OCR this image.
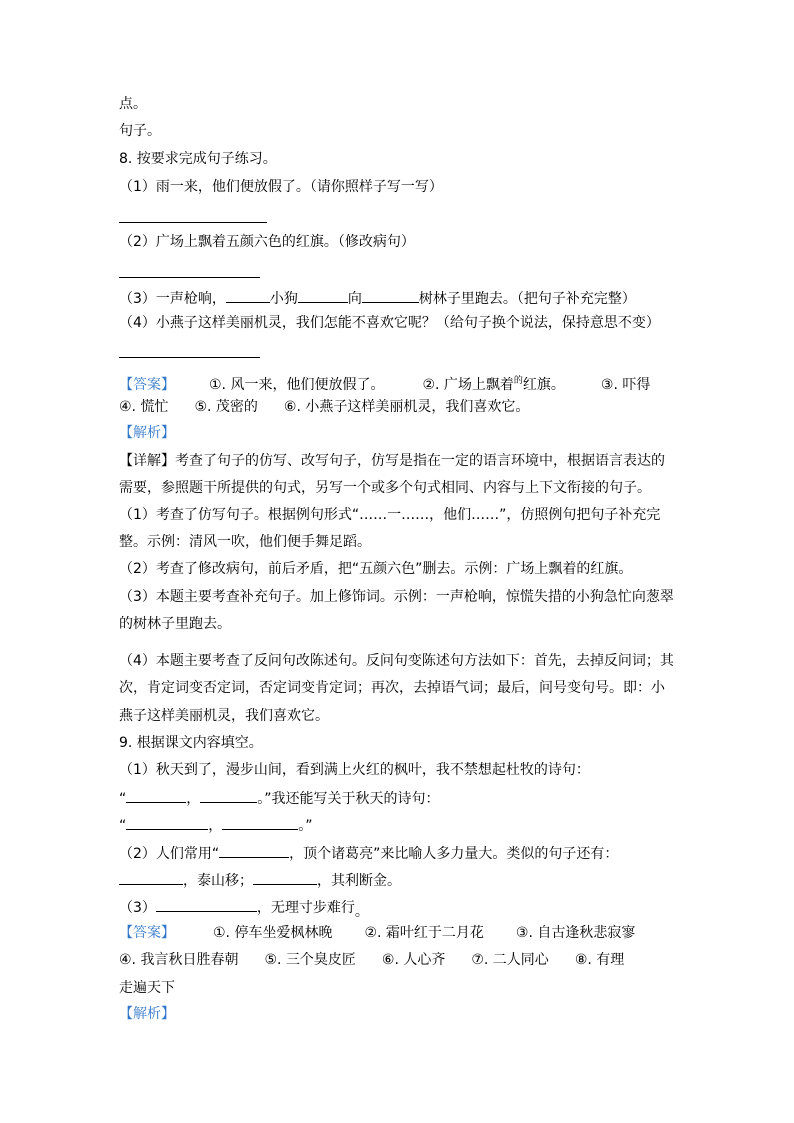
点。
句子。
8. 按要求完成句子练习。
（1）雨一来，他们便放假了。（请你照样子写一写）
（2）广场上飘着五颜六色的红旗。（修改病句）
（3）一声枪响，	小狗	向	树林子里跑去。（把句子补充完整）
（4）小燕子这样美丽机灵，我们怎能不喜欢它呢？（给句子换个说法，保持意思不变）
【答案】 ①. 风一来，他们便放假了。	②. 广场上飘着$^的$红旗。	③. 吓得
④. 慌忙 ⑤. 茂密的 ⑥. 小燕子这样美丽机灵，我们喜欢它。
【解析】
【详解】考查了句子的仿写、改写句子，仿写是指在一定的语言环境中，根据语言表达的
需要，参照题干所提供的句式，另写一个或多个句式相同、内容与上下文衔接的句子。
（1）考查了仿写句子。根据例句形式“……一……，他们……”，仿照例句把句子补充完
整。示例：清风一吹，他们便手舞足蹈。
（2）考查了修改病句，前后矛盾，把“五颜六色”删去。示例：广场上飘着的红旗。
（3）本题主要考查补充句子。加上修饰词。示例：一声枪响，惊慌失措的小狗急忙向葱翠
的树林子里跑去。
（4）本题主要考查了反问句改陈述句。反问句变陈述句方法如下：首先，去掉反问词；其
次，肯定词变否定词，否定词变肯定词；再次，去掉语气词；最后，问号变句号。即：小
燕子这样美丽机灵，我们喜欢它。
9. 根据课文内容填空。
（1）秋天到了，漫步山间，看到满上火红的枫叶，我不禁想起杜牧的诗句：
“	，	。”我还能写关于秋天的诗句：
“	，	。”
（2）人们常用“	，顶个诸葛亮”来比喻人多力量大。类似的句子还有：
，泰山移；	，其利断金。
（3）	，无理寸步难行。
【答案】	①. 停车坐爱枫林晚 ②. 霜叶红于二月花 ③. 自古逢秋悲寂寥
④. 我言秋日胜春朝 ⑤. 三个臭皮匠 ⑥. 人心齐 ⑦. 二人同心 ⑧. 有理
走遍天下
【解析】
